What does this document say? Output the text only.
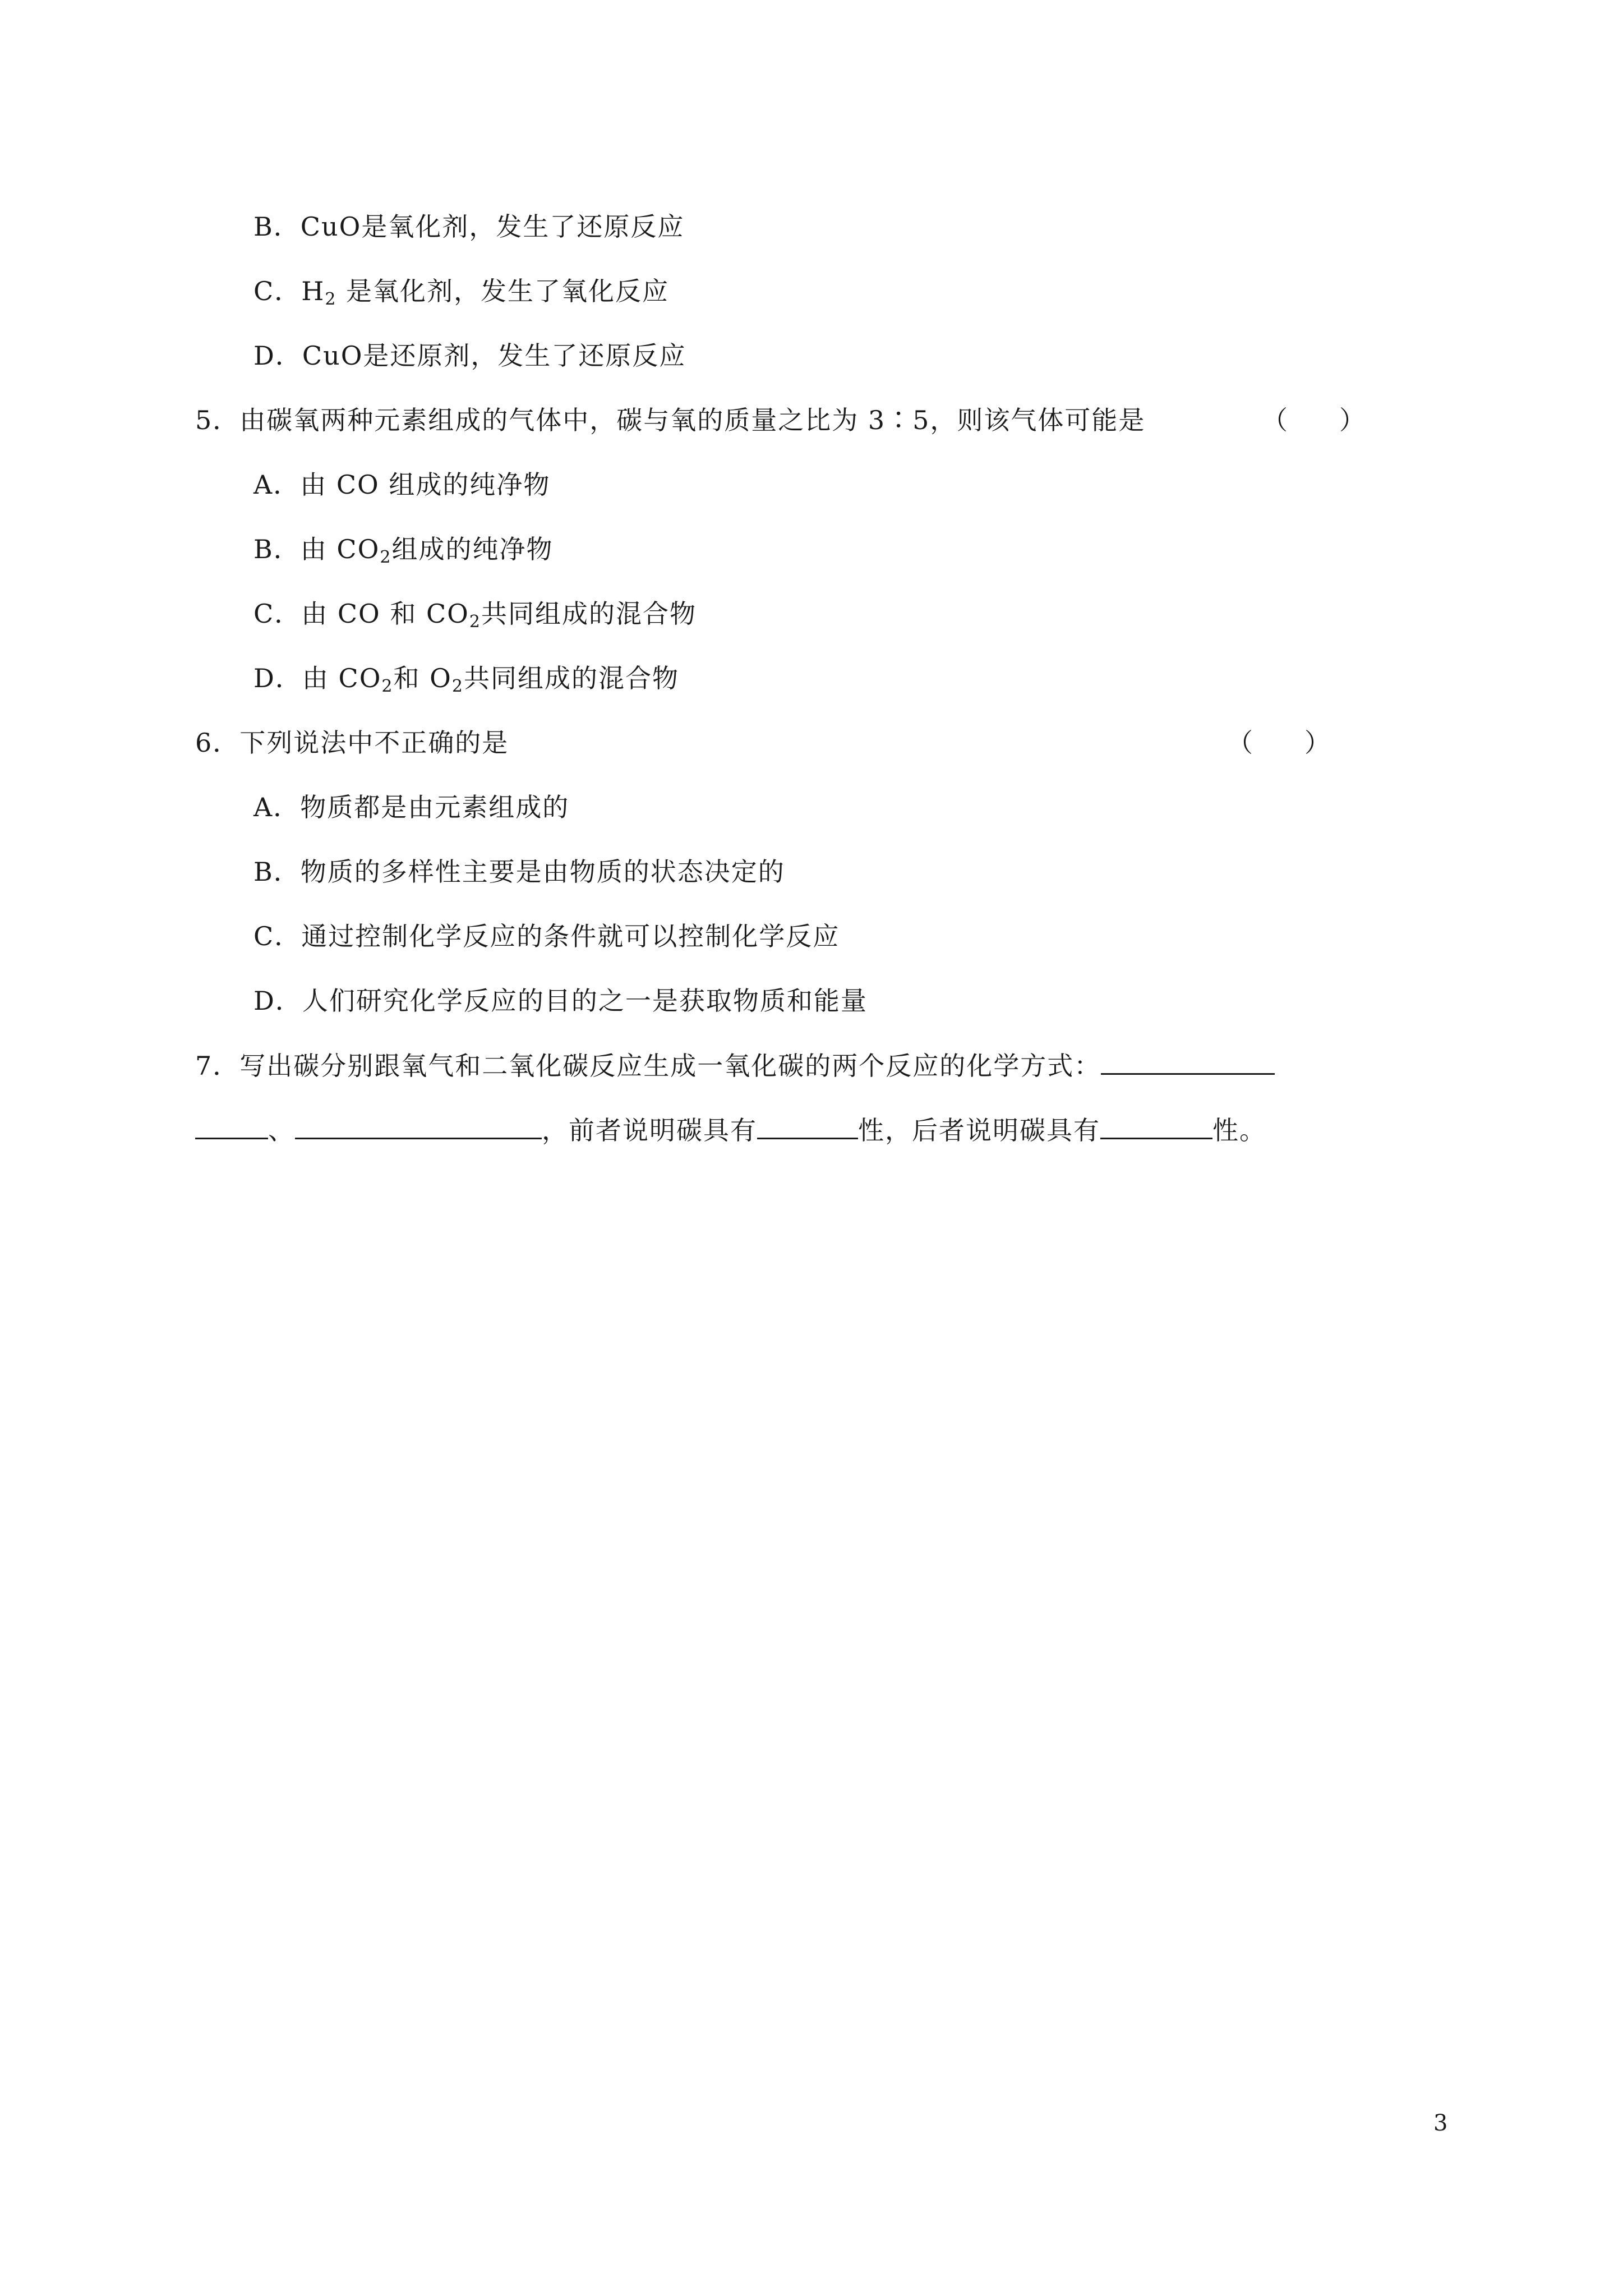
B．CuO是氧化剂，发生了还原反应
C．$H_2$ 是氧化剂，发生了氧化反应
D．CuO是还原剂，发生了还原反应
5．由碳氧两种元素组成的气体中，碳与氧的质量之比为 3∶5，则该气体可能是	（　　）
A．由 CO 组成的纯净物
B．由 $CO_2$组成的纯净物
C．由 CO 和 $CO_2$共同组成的混合物
D．由 $CO_2$和 $O_2$共同组成的混合物
6．下列说法中不正确的是	（　　）
A．物质都是由元素组成的
B．物质的多样性主要是由物质的状态决定的
C．通过控制化学反应的条件就可以控制化学反应
D．人们研究化学反应的目的之一是获取物质和能量
7．写出碳分别跟氧气和二氧化碳反应生成一氧化碳的两个反应的化学方式：
、	，前者说明碳具有	性，后者说明碳具有	性。
3
